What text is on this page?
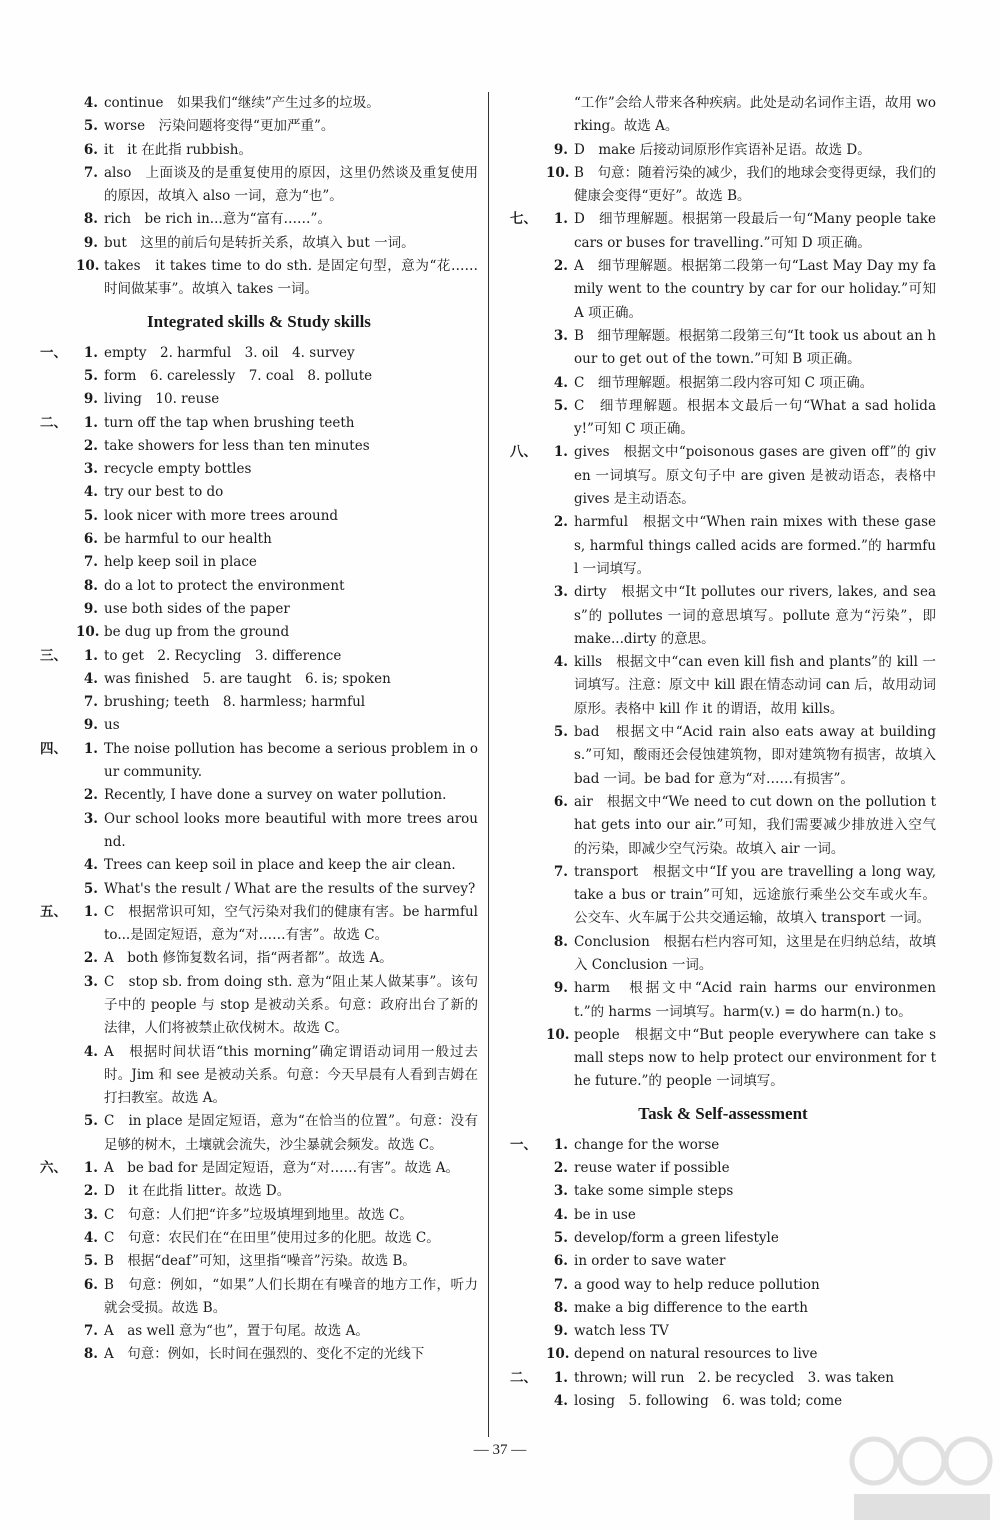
4. continue　如果我们“继续”产生过多的垃圾。
5. worse　污染问题将变得“更加严重”。
6. it　it 在此指 rubbish。
7. also　上面谈及的是重复使用的原因，这里仍然谈及重复使用的原因，故填入 also 一词，意为“也”。
8. rich　be rich in...意为“富有……”。
9. but　这里的前后句是转折关系，故填入 but 一词。
10. takes　it takes time to do sth. 是固定句型，意为“花……时间做某事”。故填入 takes 一词。
Integrated skills & Study skills
一、	1. empty　2. harmful　3. oil　4. survey
5. form　6. carelessly　7. coal　8. pollute
9. living　10. reuse
二、	1. turn off the tap when brushing teeth
2. take showers for less than ten minutes
3. recycle empty bottles
4. try our best to do
5. look nicer with more trees around
6. be harmful to our health
7. help keep soil in place
8. do a lot to protect the environment
9. use both sides of the paper
10. be dug up from the ground
三、	1. to get　2. Recycling　3. difference
4. was finished　5. are taught　6. is; spoken
7. brushing; teeth　8. harmless; harmful
9. us
四、	1. The noise pollution has become a serious problem in our community.
2. Recently, I have done a survey on water pollution.
3. Our school looks more beautiful with more trees around.
4. Trees can keep soil in place and keep the air clean.
5. What's the result / What are the results of the survey?
五、	1. C　根据常识可知，空气污染对我们的健康有害。be harmful to...是固定短语，意为“对……有害”。故选 C。
2. A　both 修饰复数名词，指“两者都”。故选 A。
3. C　stop sb. from doing sth. 意为“阻止某人做某事”。该句子中的 people 与 stop 是被动关系。句意：政府出台了新的法律，人们将被禁止砍伐树木。故选 C。
4. A　根据时间状语“this morning”确定谓语动词用一般过去时。Jim 和 see 是被动关系。句意：今天早晨有人看到吉姆在打扫教室。故选 A。
5. C　in place 是固定短语，意为“在恰当的位置”。句意：没有足够的树木，土壤就会流失，沙尘暴就会频发。故选 C。
六、	1. A　be bad for 是固定短语，意为“对……有害”。故选 A。
2. D　it 在此指 litter。故选 D。
3. C　句意：人们把“许多”垃圾填埋到地里。故选 C。
4. C　句意：农民们在“在田里”使用过多的化肥。故选 C。
5. B　根据“deaf”可知，这里指“噪音”污染。故选 B。
6. B　句意：例如，“如果”人们长期在有噪音的地方工作，听力就会受损。故选 B。
7. A　as well 意为“也”，置于句尾。故选 A。
8. A　句意：例如，长时间在强烈的、变化不定的光线下
“工作”会给人带来各种疾病。此处是动名词作主语，故用 working。故选 A。
9. D　make 后接动词原形作宾语补足语。故选 D。
10. B　句意：随着污染的减少，我们的地球会变得更绿，我们的健康会变得“更好”。故选 B。
七、	1. D　细节理解题。根据第一段最后一句“Many people take cars or buses for travelling.”可知 D 项正确。
2. A　细节理解题。根据第二段第一句“Last May Day my family went to the country by car for our holiday.”可知 A 项正确。
3. B　细节理解题。根据第二段第三句“It took us about an hour to get out of the town.”可知 B 项正确。
4. C　细节理解题。根据第二段内容可知 C 项正确。
5. C　细节理解题。根据本文最后一句“What a sad holiday!”可知 C 项正确。
八、	1. gives　根据文中“poisonous gases are given off”的 given 一词填写。原文句子中 are given 是被动语态，表格中 gives 是主动语态。
2. harmful　根据文中“When rain mixes with these gases, harmful things called acids are formed.”的 harmful 一词填写。
3. dirty　根据文中“It pollutes our rivers, lakes, and seas”的 pollutes 一词的意思填写。pollute 意为“污染”，即 make...dirty 的意思。
4. kills　根据文中“can even kill fish and plants”的 kill 一词填写。注意：原文中 kill 跟在情态动词 can 后，故用动词原形。表格中 kill 作 it 的谓语，故用 kills。
5. bad　根据文中“Acid rain also eats away at buildings.”可知，酸雨还会侵蚀建筑物，即对建筑物有损害，故填入 bad 一词。be bad for 意为“对……有损害”。
6. air　根据文中“We need to cut down on the pollution that gets into our air.”可知，我们需要减少排放进入空气的污染，即减少空气污染。故填入 air 一词。
7. transport　根据文中“If you are travelling a long way, take a bus or train”可知，远途旅行乘坐公交车或火车。公交车、火车属于公共交通运输，故填入 transport 一词。
8. Conclusion　根据右栏内容可知，这里是在归纳总结，故填入 Conclusion 一词。
9. harm　根据文中“Acid rain harms our environment.”的 harms 一词填写。harm(v.) = do harm(n.) to。
10. people　根据文中“But people everywhere can take small steps now to help protect our environment for the future.”的 people 一词填写。
Task & Self-assessment
一、	1. change for the worse
2. reuse water if possible
3. take some simple steps
4. be in use
5. develop/form a green lifestyle
6. in order to save water
7. a good way to help reduce pollution
8. make a big difference to the earth
9. watch less TV
10. depend on natural resources to live
二、	1. thrown; will run　2. be recycled　3. was taken
4. losing　5. following　6. was told; come
— 37 —
